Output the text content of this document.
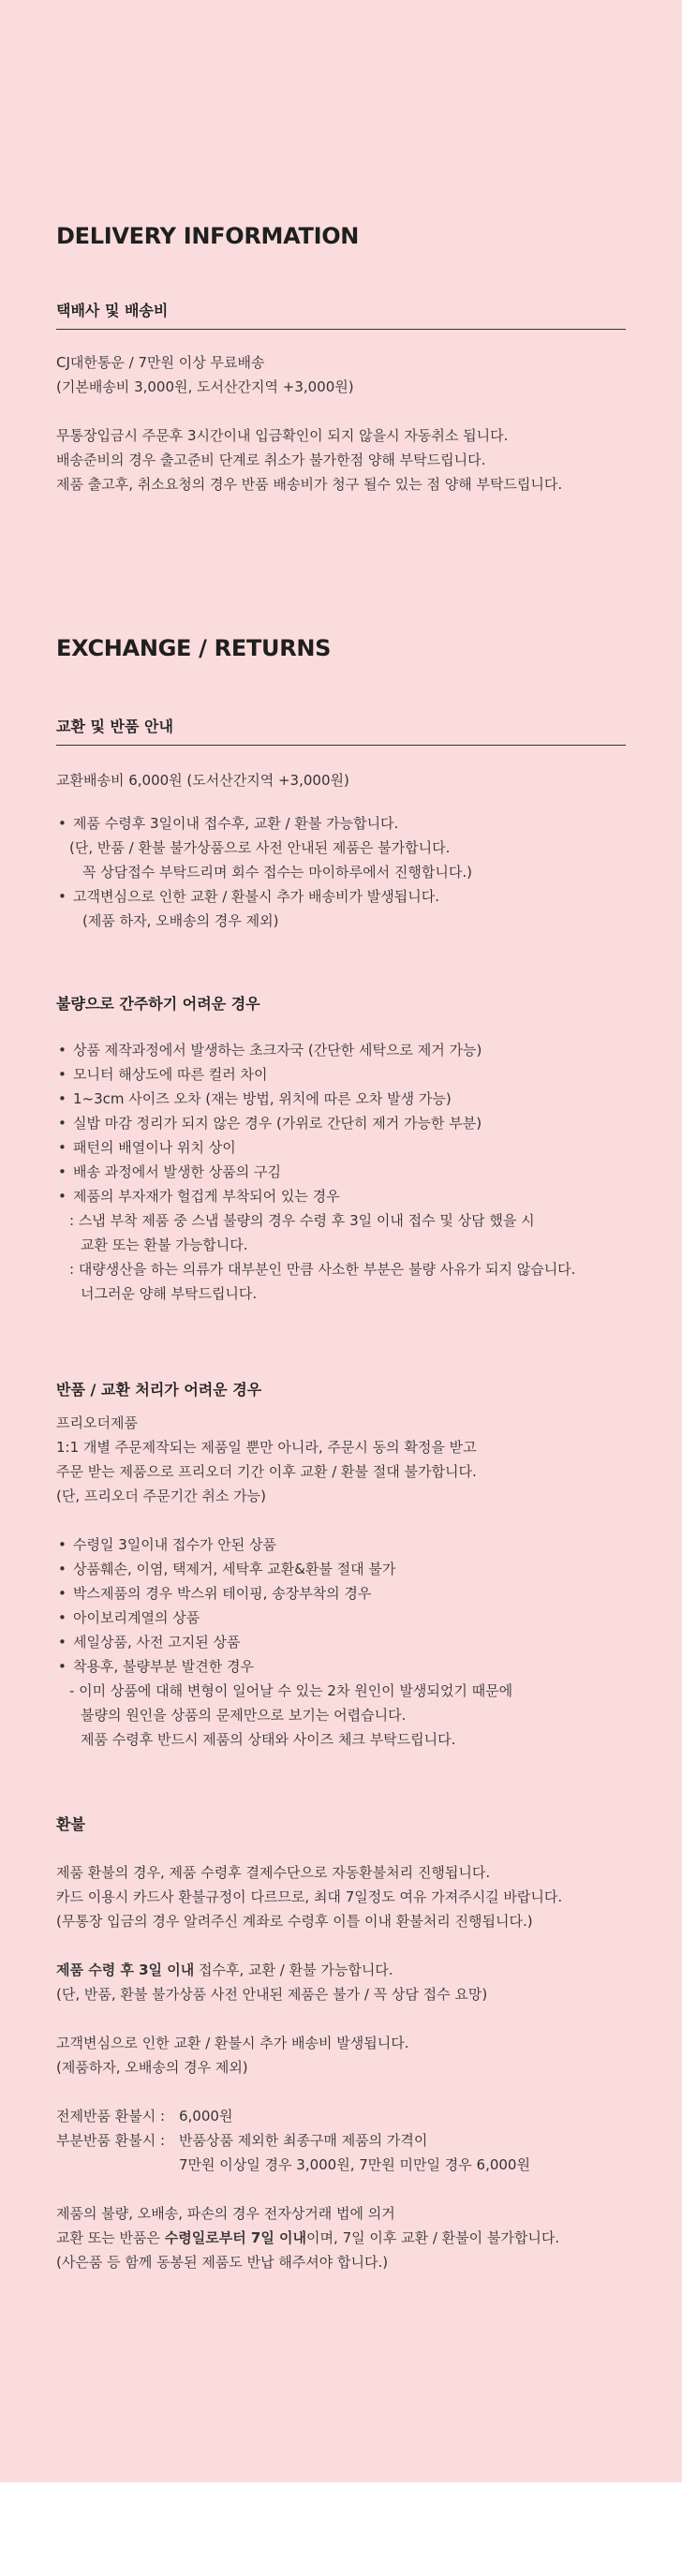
DELIVERY INFORMATION
택배사 및 배송비
CJ대한통운 / 7만원 이상 무료배송
(기본배송비 3,000원, 도서산간지역 +3,000원)
무통장입금시 주문후 3시간이내 입금확인이 되지 않을시 자동취소 됩니다.
배송준비의 경우 출고준비 단계로 취소가 불가한점 양해 부탁드립니다.
제품 출고후, 취소요청의 경우 반품 배송비가 청구 될수 있는 점 양해 부탁드립니다.
EXCHANGE / RETURNS
교환 및 반품 안내
교환배송비 6,000원 (도서산간지역 +3,000원)
• 제품 수령후 3일이내 접수후, 교환 / 환불 가능합니다.
(단, 반품 / 환불 불가상품으로 사전 안내된 제품은 불가합니다.
꼭 상담접수 부탁드리며 회수 접수는 마이하루에서 진행합니다.)
• 고객변심으로 인한 교환 / 환불시 추가 배송비가 발생됩니다.
(제품 하자, 오배송의 경우 제외)
불량으로 간주하기 어려운 경우
• 상품 제작과정에서 발생하는 초크자국 (간단한 세탁으로 제거 가능)
• 모니터 해상도에 따른 컬러 차이
• 1~3cm 사이즈 오차 (재는 방법, 위치에 따른 오차 발생 가능)
• 실밥 마감 정리가 되지 않은 경우 (가위로 간단히 제거 가능한 부분)
• 패턴의 배열이나 위치 상이
• 배송 과정에서 발생한 상품의 구김
• 제품의 부자재가 헐겁게 부착되어 있는 경우
: 스냅 부착 제품 중 스냅 불량의 경우 수령 후 3일 이내 접수 및 상담 했을 시
교환 또는 환불 가능합니다.
: 대량생산을 하는 의류가 대부분인 만큼 사소한 부분은 불량 사유가 되지 않습니다.
너그러운 양해 부탁드립니다.
반품 / 교환 처리가 어려운 경우
프리오더제품
1:1 개별 주문제작되는 제품일 뿐만 아니라, 주문시 동의 확정을 받고
주문 받는 제품으로 프리오더 기간 이후 교환 / 환불 절대 불가합니다.
(단, 프리오더 주문기간 취소 가능)
• 수령일 3일이내 접수가 안된 상품
• 상품훼손, 이염, 택제거, 세탁후 교환&환불 절대 불가
• 박스제품의 경우 박스위 테이핑, 송장부착의 경우
• 아이보리계열의 상품
• 세일상품, 사전 고지된 상품
• 착용후, 불량부분 발견한 경우
- 이미 상품에 대해 변형이 일어날 수 있는 2차 원인이 발생되었기 때문에
불량의 원인을 상품의 문제만으로 보기는 어렵습니다.
제품 수령후 반드시 제품의 상태와 사이즈 체크 부탁드립니다.
환불
제품 환불의 경우, 제품 수령후 결제수단으로 자동환불처리 진행됩니다.
카드 이용시 카드사 환불규정이 다르므로, 최대 7일정도 여유 가져주시길 바랍니다.
(무통장 입금의 경우 알려주신 계좌로 수령후 이틀 이내 환불처리 진행됩니다.)
제품 수령 후 3일 이내 접수후, 교환 / 환불 가능합니다.
(단, 반품, 환불 불가상품 사전 안내된 제품은 불가 / 꼭 상담 접수 요망)
고객변심으로 인한 교환 / 환불시 추가 배송비 발생됩니다.
(제품하자, 오배송의 경우 제외)
전제반품 환불시 : 6,000원
부분반품 환불시 : 반품상품 제외한 최종구매 제품의 가격이
7만원 이상일 경우 3,000원, 7만원 미만일 경우 6,000원
제품의 불량, 오배송, 파손의 경우 전자상거래 법에 의거
교환 또는 반품은 수령일로부터 7일 이내이며, 7일 이후 교환 / 환불이 불가합니다.
(사은품 등 함께 동봉된 제품도 반납 해주셔야 합니다.)
